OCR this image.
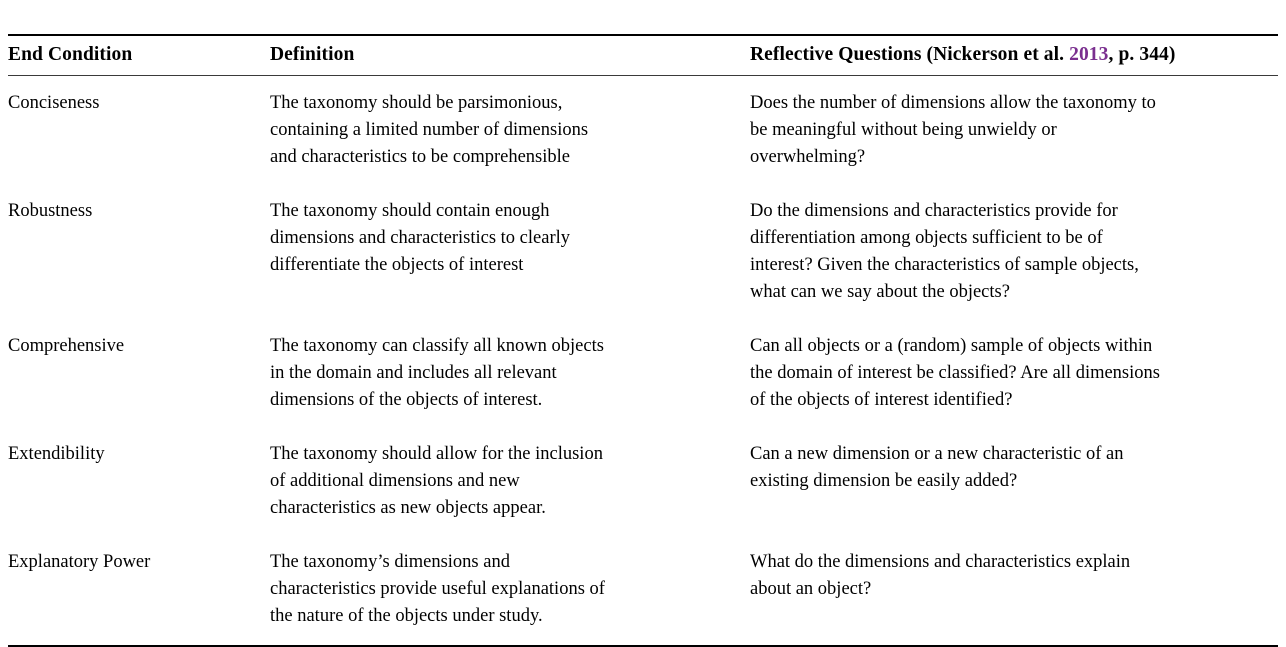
End Condition	Definition	Reflective Questions (Nickerson et al. 2013, p. 344)
Conciseness	The taxonomy should be parsimonious,
containing a limited number of dimensions
and characteristics to be comprehensible	Does the number of dimensions allow the taxonomy to
be meaningful without being unwieldy or
overwhelming?

Robustness	The taxonomy should contain enough
dimensions and characteristics to clearly
differentiate the objects of interest	Do the dimensions and characteristics provide for
differentiation among objects sufficient to be of
interest? Given the characteristics of sample objects,
what can we say about the objects?

Comprehensive	The taxonomy can classify all known objects
in the domain and includes all relevant
dimensions of the objects of interest.	Can all objects or a (random) sample of objects within
the domain of interest be classified? Are all dimensions
of the objects of interest identified?

Extendibility	The taxonomy should allow for the inclusion
of additional dimensions and new
characteristics as new objects appear.	Can a new dimension or a new characteristic of an
existing dimension be easily added?

Explanatory Power	The taxonomy’s dimensions and
characteristics provide useful explanations of
the nature of the objects under study.	What do the dimensions and characteristics explain
about an object?
